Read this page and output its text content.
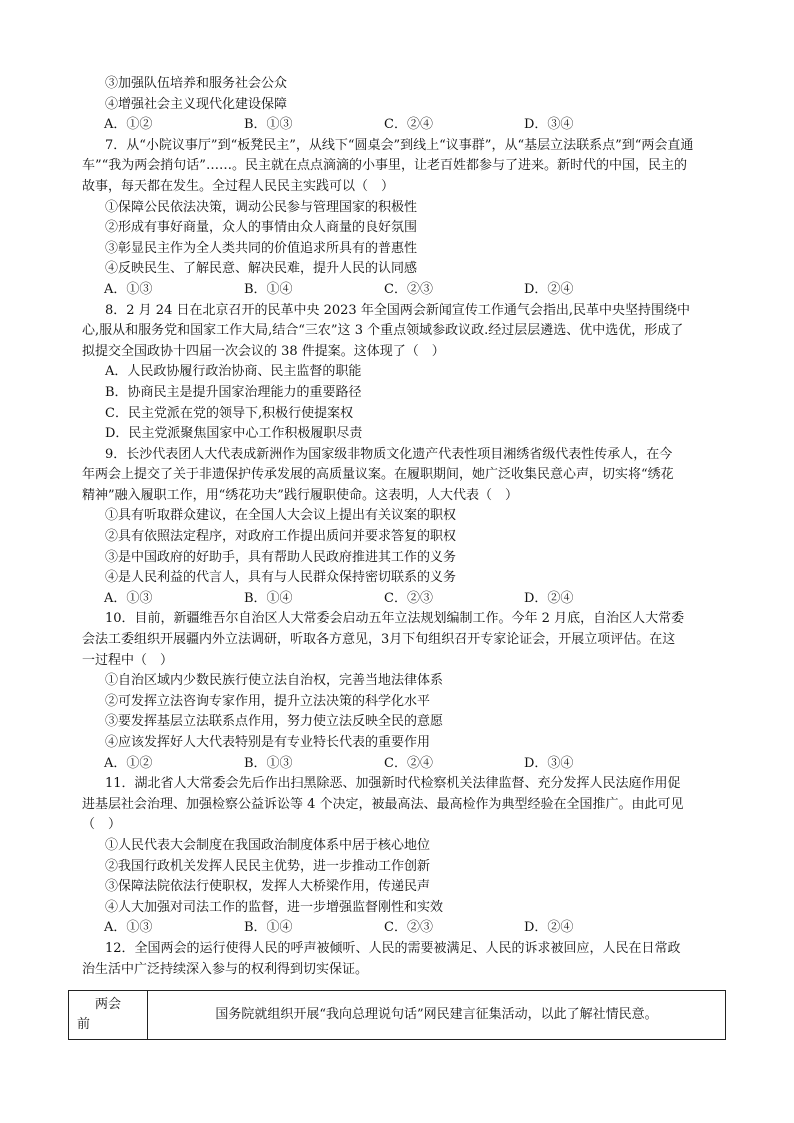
③加强队伍培养和服务社会公众
④增强社会主义现代化建设保障
A．①②	B．①③	C．②④	D．③④
7．从“小院议事厅”到“板凳民主”，从线下“圆桌会”到线上“议事群”，从“基层立法联系点”到“两会直通
车”“我为两会捎句话”……。民主就在点点滴滴的小事里，让老百姓都参与了进来。新时代的中国，民主的
故事，每天都在发生。全过程人民民主实践可以（　）
①保障公民依法决策，调动公民参与管理国家的积极性
②形成有事好商量，众人的事情由众人商量的良好氛围
③彰显民主作为全人类共同的价值追求所具有的普惠性
④反映民生、了解民意、解决民难，提升人民的认同感
A．①③	B．①④	C．②③	D．②④
8．2 月 24 日在北京召开的民革中央 2023 年全国两会新闻宣传工作通气会指出,民革中央坚持围绕中
心,服从和服务党和国家工作大局,结合“三农”这 3 个重点领域参政议政.经过层层遴选、优中选优，形成了
拟提交全国政协十四届一次会议的 38 件提案。这体现了（　）
A．人民政协履行政治协商、民主监督的职能
B．协商民主是提升国家治理能力的重要路径
C．民主党派在党的领导下,积极行使提案权
D．民主党派聚焦国家中心工作积极履职尽责
9．长沙代表团人大代表成新洲作为国家级非物质文化遗产代表性项目湘绣省级代表性传承人，在今
年两会上提交了关于非遗保护传承发展的高质量议案。在履职期间，她广泛收集民意心声，切实将“绣花
精神”融入履职工作，用“绣花功夫”践行履职使命。这表明，人大代表（　）
①具有听取群众建议，在全国人大会议上提出有关议案的职权
②具有依照法定程序，对政府工作提出质问并要求答复的职权
③是中国政府的好助手，具有帮助人民政府推进其工作的义务
④是人民利益的代言人，具有与人民群众保持密切联系的义务
A．①③	B．①④	C．②③	D．②④
10．目前，新疆维吾尔自治区人大常委会启动五年立法规划编制工作。今年 2 月底，自治区人大常委
会法工委组织开展疆内外立法调研，听取各方意见，3月下旬组织召开专家论证会，开展立项评估。在这
一过程中（　）
①自治区域内少数民族行使立法自治权，完善当地法律体系
②可发挥立法咨询专家作用，提升立法决策的科学化水平
③要发挥基层立法联系点作用，努力使立法反映全民的意愿
④应该发挥好人大代表特别是有专业特长代表的重要作用
A．①②	B．①③	C．②④	D．③④
11．湖北省人大常委会先后作出扫黑除恶、加强新时代检察机关法律监督、充分发挥人民法庭作用促
进基层社会治理、加强检察公益诉讼等 4 个决定，被最高法、最高检作为典型经验在全国推广。由此可见
（　）
①人民代表大会制度在我国政治制度体系中居于核心地位
②我国行政机关发挥人民民主优势，进一步推动工作创新
③保障法院依法行使职权，发挥人大桥梁作用，传递民声
④人大加强对司法工作的监督，进一步增强监督刚性和实效
A．①③	B．①④	C．②③	D．②④
12．全国两会的运行使得人民的呼声被倾听、人民的需要被满足、人民的诉求被回应，人民在日常政
治生活中广泛持续深入参与的权利得到切实保证。
两会
前
	国务院就组织开展“我向总理说句话”网民建言征集活动，以此了解社情民意。
